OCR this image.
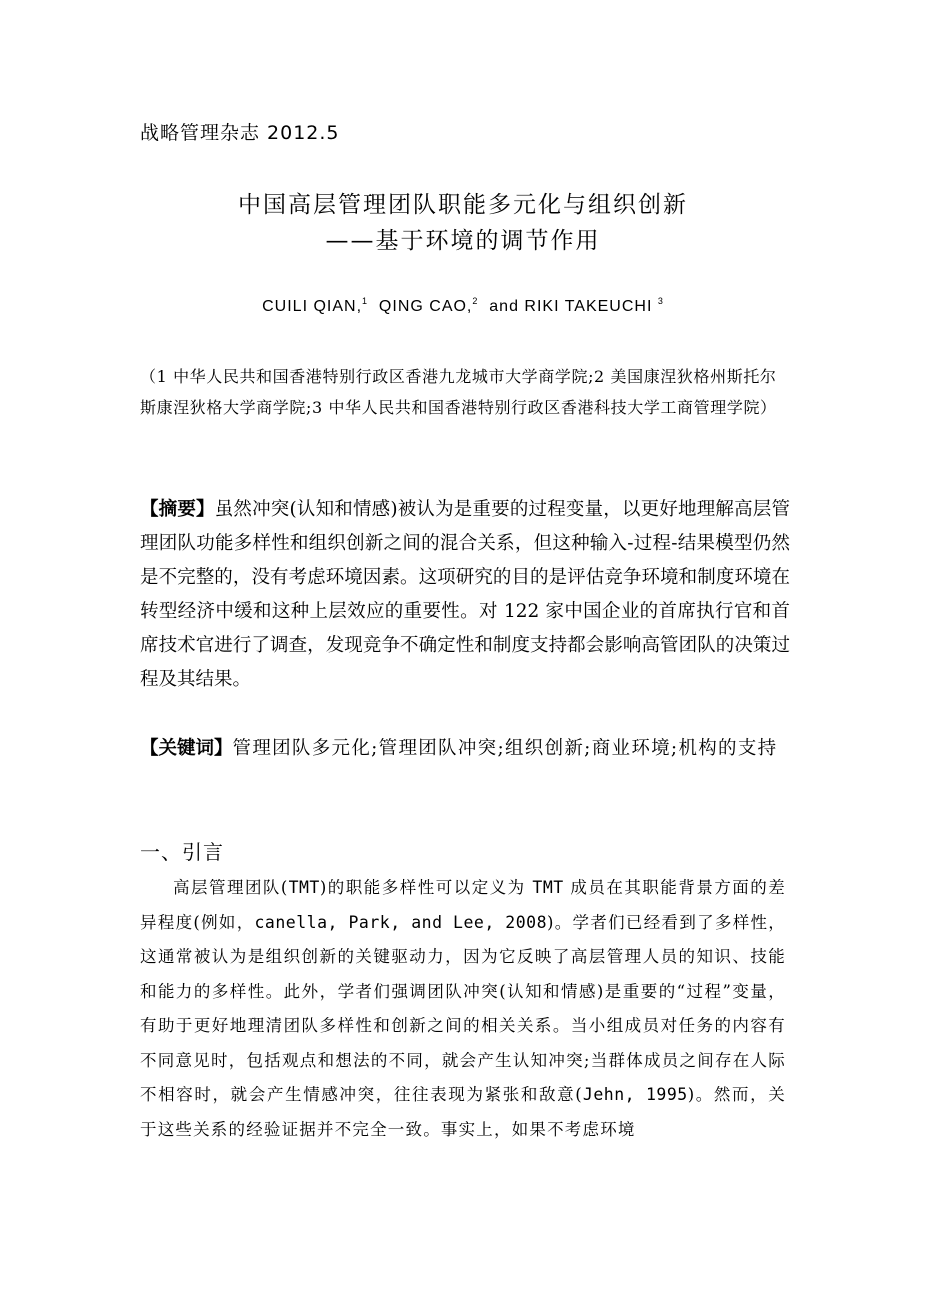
战略管理杂志 2012.5
中国高层管理团队职能多元化与组织创新
——基于环境的调节作用
CUILI QIAN,$^1$ QING CAO,$^2$ and RIKI TAKEUCHI $^3$
（1 中华人民共和国香港特别行政区香港九龙城市大学商学院;2 美国康涅狄格州斯托尔斯康涅狄格大学商学院;3 中华人民共和国香港特别行政区香港科技大学工商管理学院）
【摘要】虽然冲突(认知和情感)被认为是重要的过程变量，以更好地理解高层管理团队功能多样性和组织创新之间的混合关系，但这种输入-过程-结果模型仍然是不完整的，没有考虑环境因素。这项研究的目的是评估竞争环境和制度环境在转型经济中缓和这种上层效应的重要性。对 122 家中国企业的首席执行官和首席技术官进行了调查，发现竞争不确定性和制度支持都会影响高管团队的决策过程及其结果。
【关键词】管理团队多元化;管理团队冲突;组织创新;商业环境;机构的支持
一、引言
高层管理团队(TMT)的职能多样性可以定义为 TMT 成员在其职能背景方面的差异程度(例如，canella, Park, and Lee, 2008)。学者们已经看到了多样性，这通常被认为是组织创新的关键驱动力，因为它反映了高层管理人员的知识、技能和能力的多样性。此外，学者们强调团队冲突(认知和情感)是重要的“过程”变量，有助于更好地理清团队多样性和创新之间的相关关系。当小组成员对任务的内容有不同意见时，包括观点和想法的不同，就会产生认知冲突;当群体成员之间存在人际不相容时，就会产生情感冲突，往往表现为紧张和敌意(Jehn, 1995)。然而，关于这些关系的经验证据并不完全一致。事实上，如果不考虑环境
